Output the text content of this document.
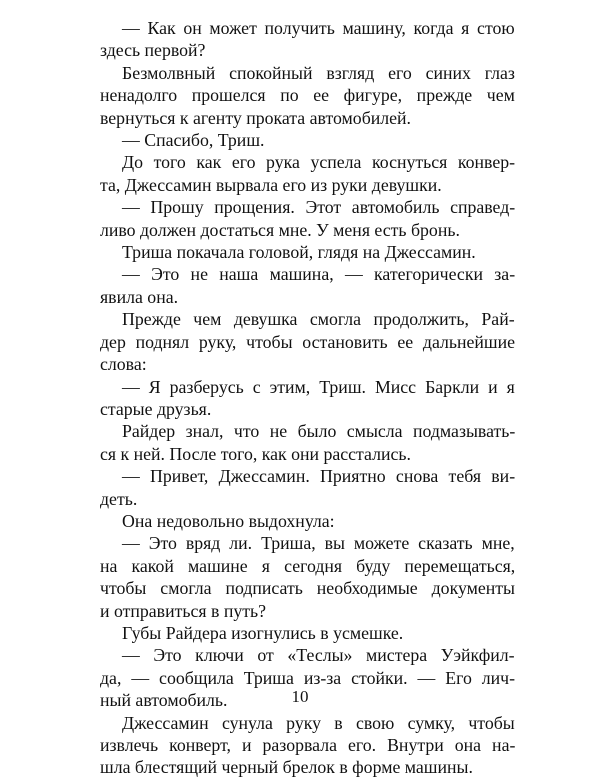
— Как он может получить машину, когда я стою
здесь первой?

Безмолвный спокойный взгляд его синих глаз
ненадолго прошелся по ее фигуре, прежде чем
вернуться к агенту проката автомобилей.

— Спасибо, Триш.

До того как его рука успела коснуться конвер-
та, Джессамин вырвала его из руки девушки.

— Прошу прощения. Этот автомобиль справед-
ливо должен достаться мне. У меня есть бронь.

Триша покачала головой, глядя на Джессамин.

— Это не наша машина, — категорически за-
явила она.

Прежде чем девушка смогла продолжить, Рай-
дер поднял руку, чтобы остановить ее дальнейшие
слова:

— Я разберусь с этим, Триш. Мисс Баркли и я
старые друзья.

Райдер знал, что не было смысла подмазывать-
ся к ней. После того, как они расстались.

— Привет, Джессамин. Приятно снова тебя ви-
деть.

Она недовольно выдохнула:

— Это вряд ли. Триша, вы можете сказать мне,
на какой машине я сегодня буду перемещаться,
чтобы смогла подписать необходимые документы
и отправиться в путь?

Губы Райдера изогнулись в усмешке.

— Это ключи от «Теслы» мистера Уэйкфил-
да, — сообщила Триша из-за стойки. — Его лич-
ный автомобиль.

Джессамин сунула руку в свою сумку, чтобы
извлечь конверт, и разорвала его. Внутри она на-
шла блестящий черный брелок в форме машины.

10
